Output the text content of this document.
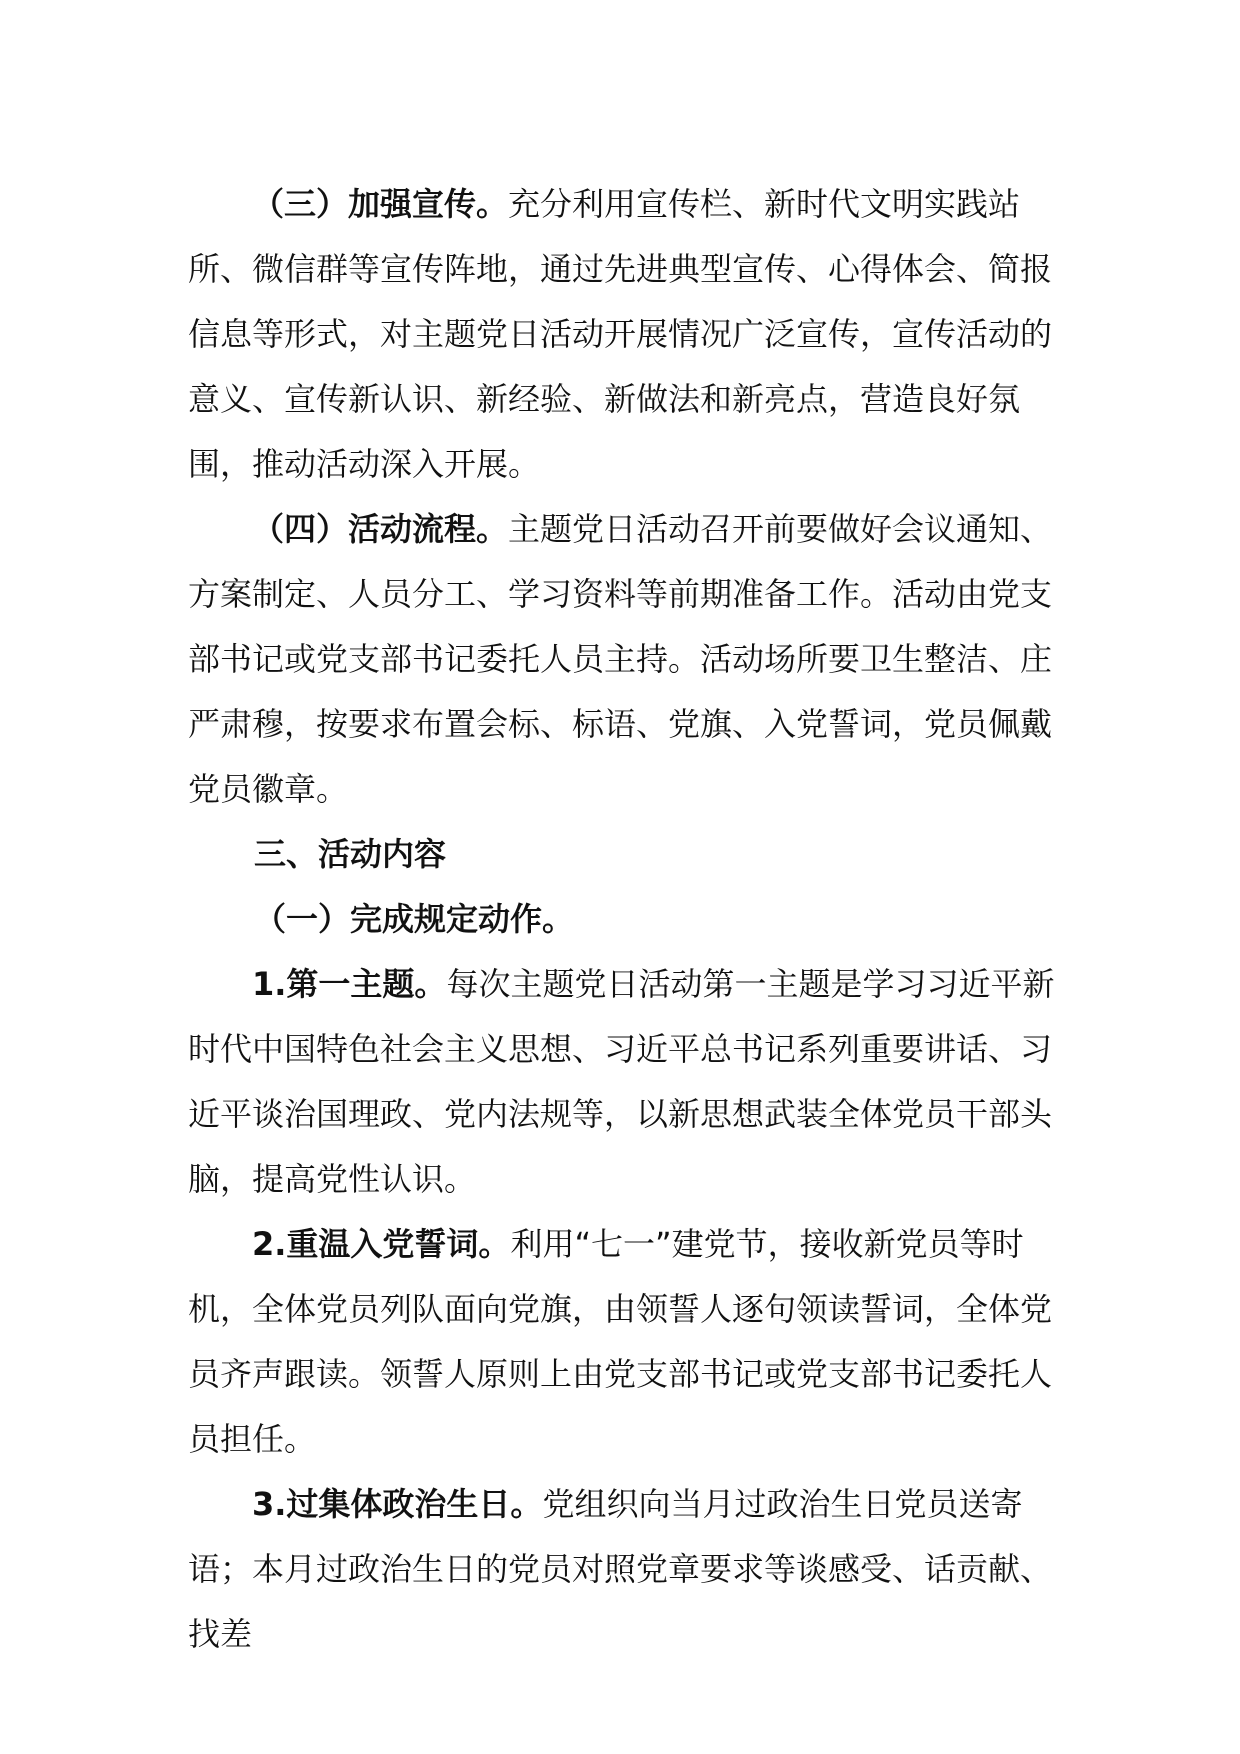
（三）加强宣传。充分利用宣传栏、新时代文明实践站所、微信群等宣传阵地，通过先进典型宣传、心得体会、简报信息等形式，对主题党日活动开展情况广泛宣传，宣传活动的意义、宣传新认识、新经验、新做法和新亮点，营造良好氛围，推动活动深入开展。

（四）活动流程。主题党日活动召开前要做好会议通知、方案制定、人员分工、学习资料等前期准备工作。活动由党支部书记或党支部书记委托人员主持。活动场所要卫生整洁、庄严肃穆，按要求布置会标、标语、党旗、入党誓词，党员佩戴党员徽章。

三、活动内容

（一）完成规定动作。

1.第一主题。每次主题党日活动第一主题是学习习近平新时代中国特色社会主义思想、习近平总书记系列重要讲话、习近平谈治国理政、党内法规等，以新思想武装全体党员干部头脑，提高党性认识。

2.重温入党誓词。利用“七一”建党节，接收新党员等时机，全体党员列队面向党旗，由领誓人逐句领读誓词，全体党员齐声跟读。领誓人原则上由党支部书记或党支部书记委托人员担任。

3.过集体政治生日。党组织向当月过政治生日党员送寄语；本月过政治生日的党员对照党章要求等谈感受、话贡献、找差
